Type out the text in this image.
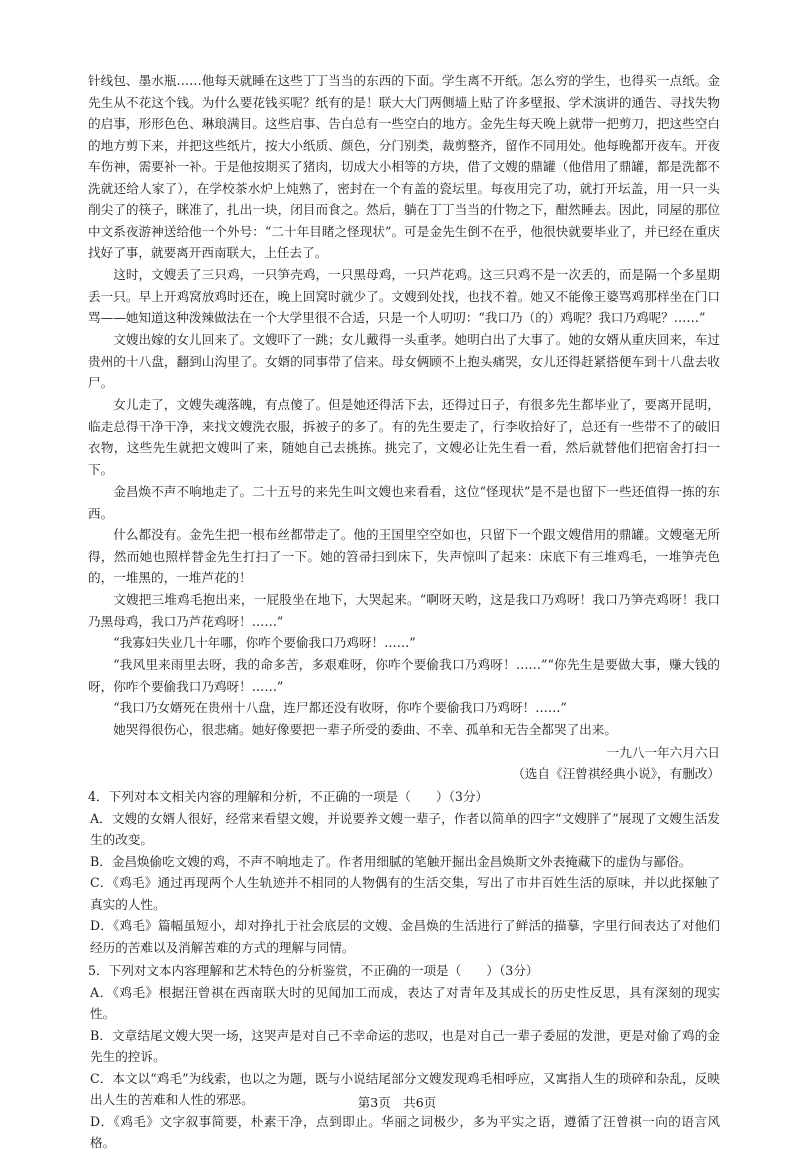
针线包、墨水瓶……他每天就睡在这些丁丁当当的东西的下面。学生离不开纸。怎么穷的学生，也得买一点纸。金先生从不花这个钱。为什么要花钱买呢？纸有的是！联大大门两侧墙上贴了许多壁报、学术演讲的通告、寻找失物的启事，形形色色、琳琅满目。这些启事、告白总有一些空白的地方。金先生每天晚上就带一把剪刀，把这些空白的地方剪下来，并把这些纸片，按大小纸质、颜色，分门别类，裁剪整齐，留作不同用处。他每晚都开夜车。开夜车伤神，需要补一补。于是他按期买了猪肉，切成大小相等的方块，借了文嫂的鼎罐（他借用了鼎罐，都是洗都不洗就还给人家了），在学校茶水炉上炖熟了，密封在一个有盖的瓷坛里。每夜用完了功，就打开坛盖，用一只一头削尖了的筷子，眯准了，扎出一块，闭目而食之。然后，躺在丁丁当当的什物之下，酣然睡去。因此，同屋的那位中文系夜游神送给他一个外号：“二十年目睹之怪现状”。可是金先生倒不在乎，他很快就要毕业了，并已经在重庆找好了事，就要离开西南联大，上任去了。

这时，文嫂丢了三只鸡，一只笋壳鸡，一只黑母鸡，一只芦花鸡。这三只鸡不是一次丢的，而是隔一个多星期丢一只。早上开鸡窝放鸡时还在，晚上回窝时就少了。文嫂到处找，也找不着。她又不能像王婆骂鸡那样坐在门口骂——她知道这种泼辣做法在一个大学里很不合适，只是一个人叨叨：“我口乃（的）鸡呢？我口乃鸡呢？……”

文嫂出嫁的女儿回来了。文嫂吓了一跳；女儿戴得一头重孝。她明白出了大事了。她的女婿从重庆回来，车过贵州的十八盘，翻到山沟里了。女婿的同事带了信来。母女俩顾不上抱头痛哭，女儿还得赶紧搭便车到十八盘去收尸。

女儿走了，文嫂失魂落魄，有点傻了。但是她还得活下去，还得过日子，有很多先生都毕业了，要离开昆明，临走总得干净干净，来找文嫂洗衣服，拆被子的多了。有的先生要走了，行李收拾好了，总还有一些带不了的破旧衣物，这些先生就把文嫂叫了来，随她自己去挑拣。挑完了，文嫂必让先生看一看，然后就替他们把宿舍打扫一下。

金昌焕不声不响地走了。二十五号的来先生叫文嫂也来看看，这位“怪现状”是不是也留下一些还值得一拣的东西。

什么都没有。金先生把一根布丝都带走了。他的王国里空空如也，只留下一个跟文嫂借用的鼎罐。文嫂毫无所得，然而她也照样替金先生打扫了一下。她的笤帚扫到床下，失声惊叫了起来：床底下有三堆鸡毛，一堆笋壳色的，一堆黑的，一堆芦花的！

文嫂把三堆鸡毛抱出来，一屁股坐在地下，大哭起来。“啊呀天哟，这是我口乃鸡呀！我口乃笋壳鸡呀！我口乃黑母鸡，我口乃芦花鸡呀！……”

“我寡妇失业几十年哪，你咋个要偷我口乃鸡呀！……”

“我风里来雨里去呀，我的命多苦，多艰难呀，你咋个要偷我口乃鸡呀！……”“你先生是要做大事，赚大钱的呀，你咋个要偷我口乃鸡呀！……”

“我口乃女婿死在贵州十八盘，连尸都还没有收呀，你咋个要偷我口乃鸡呀！……”

她哭得很伤心，很悲痛。她好像要把一辈子所受的委曲、不幸、孤单和无告全都哭了出来。

一九八一年六月六日
（选自《汪曾祺经典小说》，有删改）
4．下列对本文相关内容的理解和分析，不正确的一项是（　　）（3分）
A．文嫂的女婿人很好，经常来看望文嫂，并说要养文嫂一辈子，作者以简单的四字“文嫂胖了”展现了文嫂生活发生的改变。
B．金昌焕偷吃文嫂的鸡，不声不响地走了。作者用细腻的笔触开掘出金昌焕斯文外表掩藏下的虚伪与鄙俗。
C．《鸡毛》通过再现两个人生轨迹并不相同的人物偶有的生活交集，写出了市井百姓生活的原味，并以此探触了真实的人性。
D．《鸡毛》篇幅虽短小，却对挣扎于社会底层的文嫂、金昌焕的生活进行了鲜活的描摹，字里行间表达了对他们经历的苦难以及消解苦难的方式的理解与同情。
5．下列对文本内容理解和艺术特色的分析鉴赏，不正确的一项是（　　）（3分）
A．《鸡毛》根据汪曾祺在西南联大时的见闻加工而成，表达了对青年及其成长的历史性反思，具有深刻的现实性。
B．文章结尾文嫂大哭一场，这哭声是对自己不幸命运的悲叹，也是对自己一辈子委屈的发泄，更是对偷了鸡的金先生的控诉。
C．本文以“鸡毛”为线索，也以之为题，既与小说结尾部分文嫂发现鸡毛相呼应，又寓指人生的琐碎和杂乱，反映出人生的苦难和人性的邪恶。
D．《鸡毛》文字叙事简要，朴素干净，点到即止。华丽之词极少，多为平实之语，遵循了汪曾祺一向的语言风格。
第3页　共6页
